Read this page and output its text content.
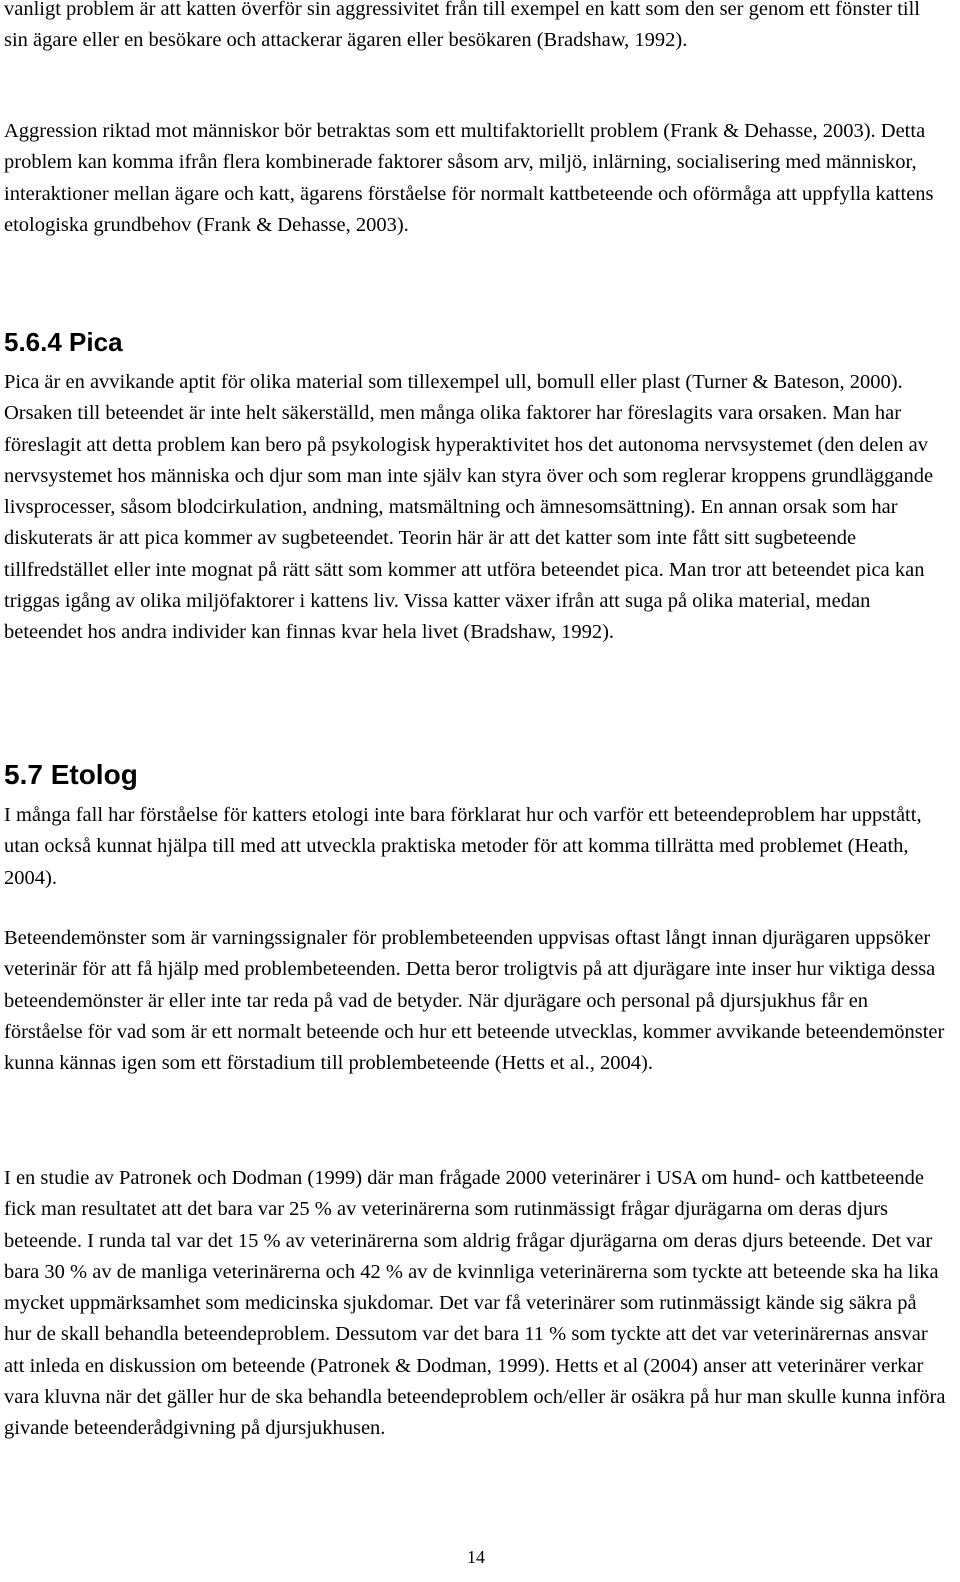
vanligt problem är att katten överför sin aggressivitet från till exempel en katt som den ser genom ett fönster till sin ägare eller en besökare och attackerar ägaren eller besökaren (Bradshaw, 1992).

Aggression riktad mot människor bör betraktas som ett multifaktoriellt problem (Frank & Dehasse, 2003). Detta problem kan komma ifrån flera kombinerade faktorer såsom arv, miljö, inlärning, socialisering med människor, interaktioner mellan ägare och katt, ägarens förståelse för normalt kattbeteende och oförmåga att uppfylla kattens etologiska grundbehov (Frank & Dehasse, 2003).

5.6.4 Pica

Pica är en avvikande aptit för olika material som tillexempel ull, bomull eller plast (Turner & Bateson, 2000). Orsaken till beteendet är inte helt säkerställd, men många olika faktorer har föreslagits vara orsaken. Man har föreslagit att detta problem kan bero på psykologisk hyperaktivitet hos det autonoma nervsystemet (den delen av nervsystemet hos människa och djur som man inte själv kan styra över och som reglerar kroppens grundläggande livsprocesser, såsom blodcirkulation, andning, matsmältning och ämnesomsättning). En annan orsak som har diskuterats är att pica kommer av sugbeteendet. Teorin här är att det katter som inte fått sitt sugbeteende tillfredstället eller inte mognat på rätt sätt som kommer att utföra beteendet pica. Man tror att beteendet pica kan triggas igång av olika miljöfaktorer i kattens liv. Vissa katter växer ifrån att suga på olika material, medan beteendet hos andra individer kan finnas kvar hela livet (Bradshaw, 1992).

5.7 Etolog

I många fall har förståelse för katters etologi inte bara förklarat hur och varför ett beteendeproblem har uppstått, utan också kunnat hjälpa till med att utveckla praktiska metoder för att komma tillrätta med problemet (Heath, 2004).

Beteendemönster som är varningssignaler för problembeteenden uppvisas oftast långt innan djurägaren uppsöker veterinär för att få hjälp med problembeteenden. Detta beror troligtvis på att djurägare inte inser hur viktiga dessa beteendemönster är eller inte tar reda på vad de betyder. När djurägare och personal på djursjukhus får en förståelse för vad som är ett normalt beteende och hur ett beteende utvecklas, kommer avvikande beteendemönster kunna kännas igen som ett förstadium till problembeteende (Hetts et al., 2004).

I en studie av Patronek och Dodman (1999) där man frågade 2000 veterinärer i USA om hund- och kattbeteende fick man resultatet att det bara var 25 % av veterinärerna som rutinmässigt frågar djurägarna om deras djurs beteende. I runda tal var det 15 % av veterinärerna som aldrig frågar djurägarna om deras djurs beteende. Det var bara 30 % av de manliga veterinärerna och 42 % av de kvinnliga veterinärerna som tyckte att beteende ska ha lika mycket uppmärksamhet som medicinska sjukdomar. Det var få veterinärer som rutinmässigt kände sig säkra på hur de skall behandla beteendeproblem. Dessutom var det bara 11 % som tyckte att det var veterinärernas ansvar att inleda en diskussion om beteende (Patronek & Dodman, 1999). Hetts et al (2004) anser att veterinärer verkar vara kluvna när det gäller hur de ska behandla beteendeproblem och/eller är osäkra på hur man skulle kunna införa givande beteenderådgivning på djursjukhusen.

14
